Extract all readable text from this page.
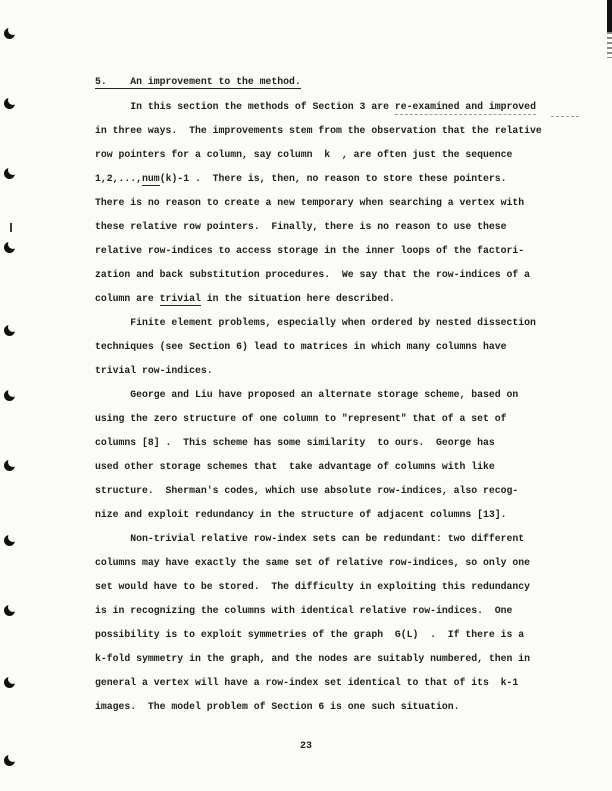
5.    An improvement to the method.
In this section the methods of Section 3 are re-examined and improved
in three ways.  The improvements stem from the observation that the relative
row pointers for a column, say column  k  , are often just the sequence
1,2,...,num(k)-1 .  There is, then, no reason to store these pointers.
There is no reason to create a new temporary when searching a vertex with
these relative row pointers.  Finally, there is no reason to use these
relative row-indices to access storage in the inner loops of the factori-
zation and back substitution procedures.  We say that the row-indices of a
column are trivial in the situation here described.
Finite element problems, especially when ordered by nested dissection
techniques (see Section 6) lead to matrices in which many columns have
trivial row-indices.
George and Liu have proposed an alternate storage scheme, based on
using the zero structure of one column to "represent" that of a set of
columns [8] .  This scheme has some similarity  to ours.  George has
used other storage schemes that  take advantage of columns with like
structure.  Sherman's codes, which use absolute row-indices, also recog-
nize and exploit redundancy in the structure of adjacent columns [13].
Non-trivial relative row-index sets can be redundant: two different
columns may have exactly the same set of relative row-indices, so only one
set would have to be stored.  The difficulty in exploiting this redundancy
is in recognizing the columns with identical relative row-indices.  One
possibility is to exploit symmetries of the graph  G(L)  .  If there is a
k-fold symmetry in the graph, and the nodes are suitably numbered, then in
general a vertex will have a row-index set identical to that of its  k-1
images.  The model problem of Section 6 is one such situation.
23
